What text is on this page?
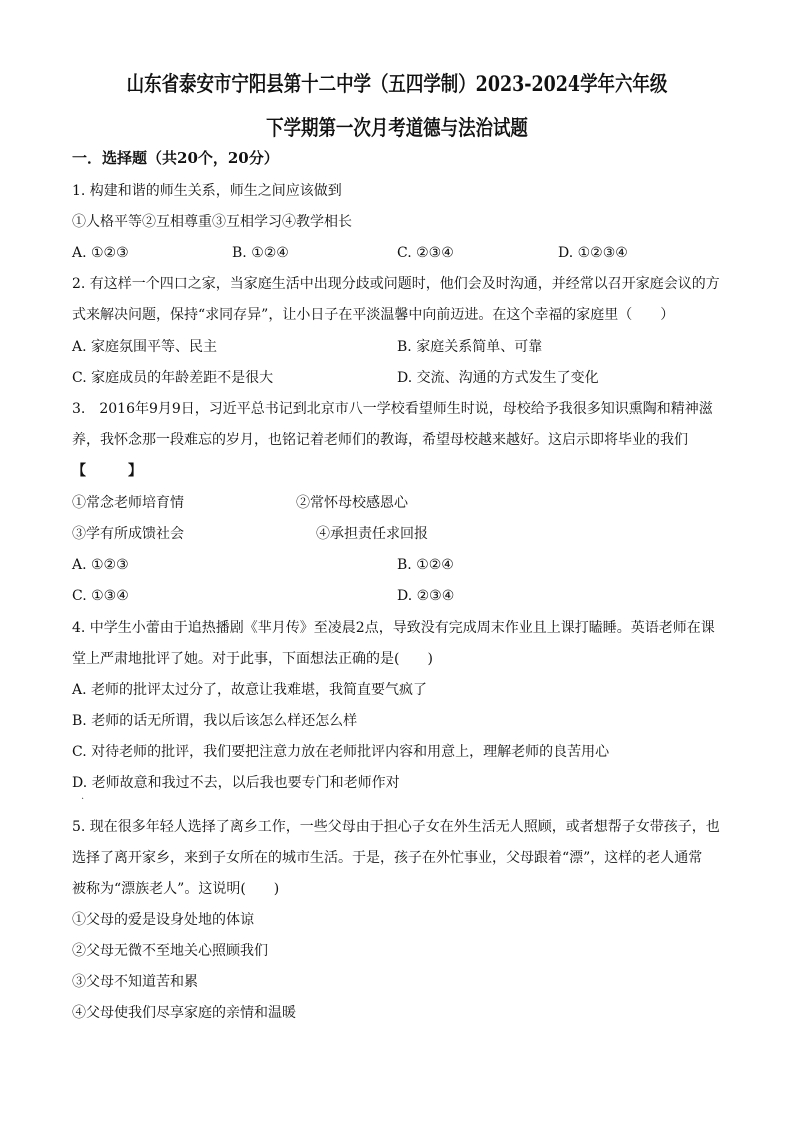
山东省泰安市宁阳县第十二中学（五四学制）2023-2024学年六年级
下学期第一次月考道德与法治试题
一．选择题（共20个，20分）
1. 构建和谐的师生关系，师生之间应该做到
①人格平等②互相尊重③互相学习④教学相长
A. ①②③	B. ①②④	C. ②③④	D. ①②③④
2. 有这样一个四口之家，当家庭生活中出现分歧或问题时，他们会及时沟通，并经常以召开家庭会议的方
式来解决问题，保持“求同存异”，让小日子在平淡温馨中向前迈进。在这个幸福的家庭里（　　）
A. 家庭氛围平等、民主	B. 家庭关系简单、可靠
C. 家庭成员的年龄差距不是很大	D. 交流、沟通的方式发生了变化
3.　2016年9月9日，习近平总书记到北京市八一学校看望师生时说，母校给予我很多知识熏陶和精神滋
养，我怀念那一段难忘的岁月，也铭记着老师们的教诲，希望母校越来越好。这启示即将毕业的我们
【　　　】
①常念老师培育情	②常怀母校感恩心
③学有所成馈社会	④承担责任求回报
A. ①②③	B. ①②④
C. ①③④	D. ②③④
4. 中学生小蕾由于追热播剧《芈月传》至凌晨2点，导致没有完成周末作业且上课打瞌睡。英语老师在课
堂上严肃地批评了她。对于此事，下面想法正确的是(　　)
A. 老师的批评太过分了，故意让我难堪，我简直要气疯了
B. 老师的话无所谓，我以后该怎么样还怎么样
C. 对待老师的批评，我们要把注意力放在老师批评内容和用意上，理解老师的良苦用心
D. 老师故意和我过不去，以后我也要专门和老师作对
·
5. 现在很多年轻人选择了离乡工作，一些父母由于担心子女在外生活无人照顾，或者想帮子女带孩子，也
选择了离开家乡，来到子女所在的城市生活。于是，孩子在外忙事业，父母跟着“漂”，这样的老人通常
被称为“漂族老人”。这说明(　　)
①父母的爱是设身处地的体谅
②父母无微不至地关心照顾我们
③父母不知道苦和累
④父母使我们尽享家庭的亲情和温暖
